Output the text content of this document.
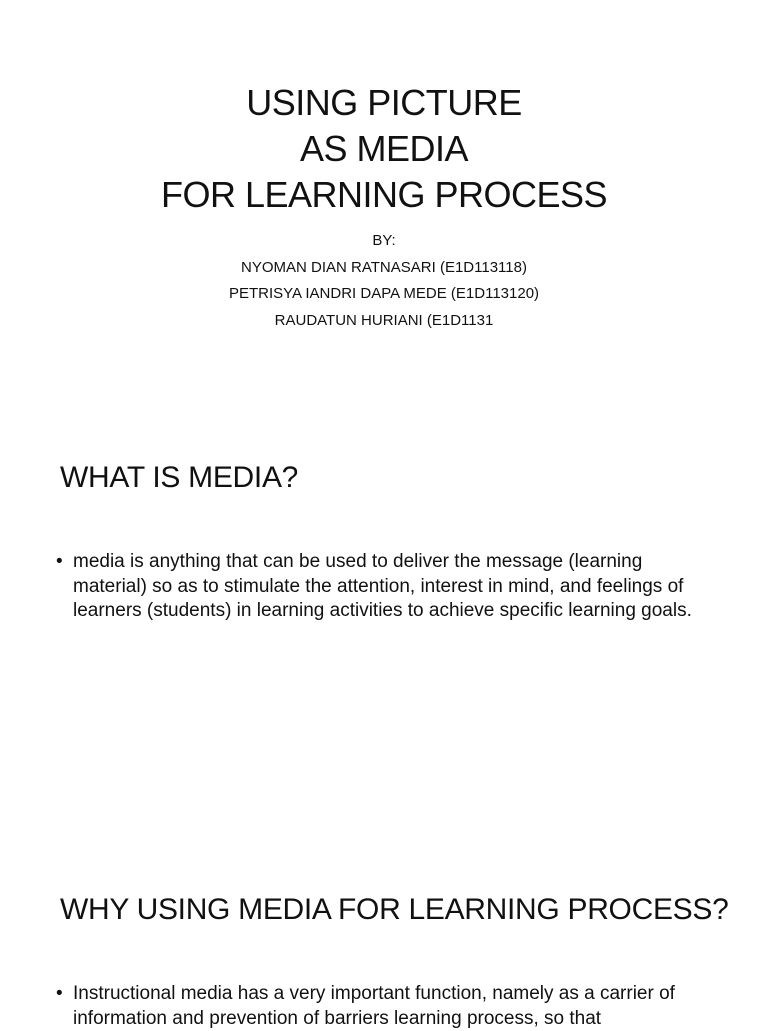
USING PICTURE
AS MEDIA
FOR LEARNING PROCESS
BY:
NYOMAN DIAN RATNASARI (E1D113118)
PETRISYA IANDRI DAPA MEDE (E1D113120)
RAUDATUN HURIANI (E1D1131
WHAT IS MEDIA?
• media is anything that can be used to deliver the message (learning material) so as to stimulate the attention, interest in mind, and feelings of learners (students) in learning activities to achieve specific learning goals.
WHY USING MEDIA FOR LEARNING PROCESS?
• Instructional media has a very important function, namely as a carrier of information and prevention of barriers learning process, so that
